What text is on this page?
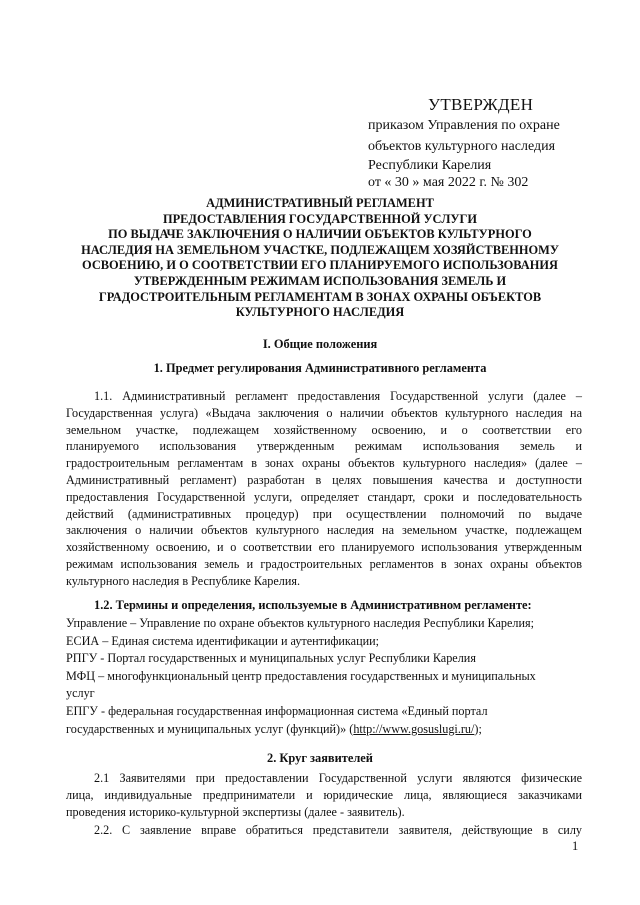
УТВЕРЖДЕН
приказом Управления по охране
объектов культурного наследия
Республики Карелия
от « 30 » мая 2022 г. № 302
АДМИНИСТРАТИВНЫЙ РЕГЛАМЕНТ
ПРЕДОСТАВЛЕНИЯ ГОСУДАРСТВЕННОЙ УСЛУГИ
ПО ВЫДАЧЕ ЗАКЛЮЧЕНИЯ О НАЛИЧИИ ОБЪЕКТОВ КУЛЬТУРНОГО
НАСЛЕДИЯ НА ЗЕМЕЛЬНОМ УЧАСТКЕ, ПОДЛЕЖАЩЕМ ХОЗЯЙСТВЕННОМУ
ОСВОЕНИЮ, И О СООТВЕТСТВИИ ЕГО ПЛАНИРУЕМОГО ИСПОЛЬЗОВАНИЯ
УТВЕРЖДЕННЫМ РЕЖИМАМ ИСПОЛЬЗОВАНИЯ ЗЕМЕЛЬ И
ГРАДОСТРОИТЕЛЬНЫМ РЕГЛАМЕНТАМ В ЗОНАХ ОХРАНЫ ОБЪЕКТОВ
КУЛЬТУРНОГО НАСЛЕДИЯ
I. Общие положения
1. Предмет регулирования Административного регламента
1.1. Административный регламент предоставления Государственной услуги (далее –
Государственная услуга) «Выдача заключения о наличии объектов культурного наследия на
земельном участке, подлежащем хозяйственному освоению, и о соответствии его
планируемого использования утвержденным режимам использования земель и
градостроительным регламентам в зонах охраны объектов культурного наследия» (далее –
Административный регламент) разработан в целях повышения качества и доступности
предоставления Государственной услуги, определяет стандарт, сроки и последовательность
действий (административных процедур) при осуществлении полномочий по выдаче
заключения о наличии объектов культурного наследия на земельном участке, подлежащем
хозяйственному освоению, и о соответствии его планируемого использования утвержденным
режимам использования земель и градостроительных регламентов в зонах охраны объектов
культурного наследия в Республике Карелия.
1.2. Термины и определения, используемые в Административном регламенте:
Управление – Управление по охране объектов культурного наследия Республики Карелия;
ЕСИА – Единая система идентификации и аутентификации;
РПГУ - Портал государственных и муниципальных услуг Республики Карелия
МФЦ – многофункциональный центр предоставления государственных и муниципальных
услуг
ЕПГУ - федеральная государственная информационная система «Единый портал
государственных и муниципальных услуг (функций)» (http://www.gosuslugi.ru/);
2. Круг заявителей
2.1 Заявителями при предоставлении Государственной услуги являются физические
лица, индивидуальные предприниматели и юридические лица, являющиеся заказчиками
проведения историко-культурной экспертизы (далее - заявитель).
2.2. С заявление вправе обратиться представители заявителя, действующие в силу
1
